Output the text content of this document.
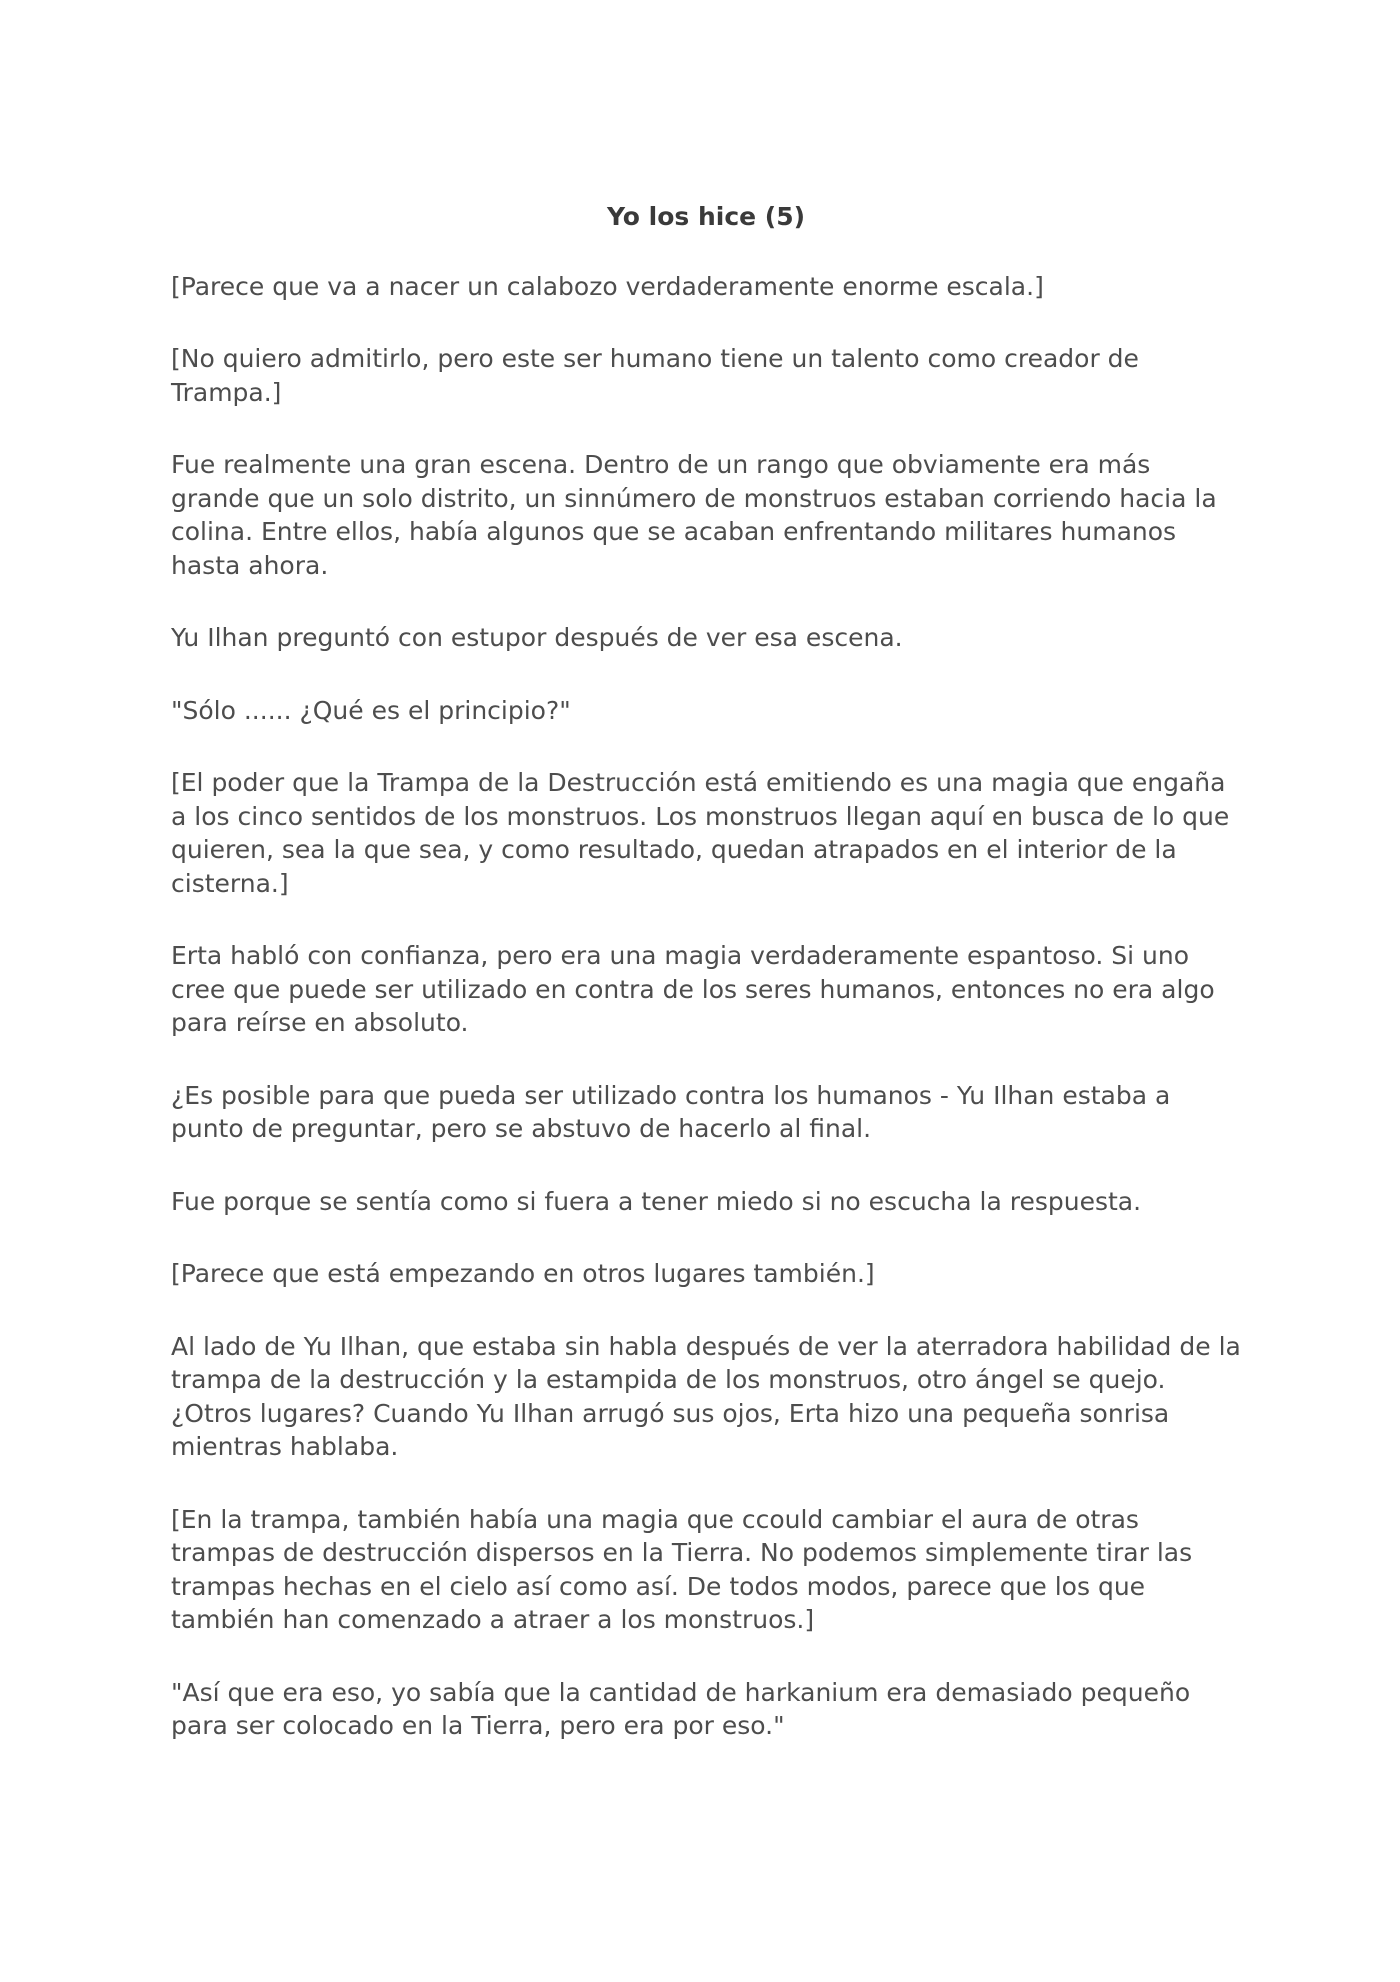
Yo los hice (5)

[Parece que va a nacer un calabozo verdaderamente enorme escala.]

[No quiero admitirlo, pero este ser humano tiene un talento como creador de Trampa.]

Fue realmente una gran escena. Dentro de un rango que obviamente era más grande que un solo distrito, un sinnúmero de monstruos estaban corriendo hacia la colina. Entre ellos, había algunos que se acaban enfrentando militares humanos hasta ahora.

Yu Ilhan preguntó con estupor después de ver esa escena.

"Sólo ...... ¿Qué es el principio?"

[El poder que la Trampa de la Destrucción está emitiendo es una magia que engaña a los cinco sentidos de los monstruos. Los monstruos llegan aquí en busca de lo que quieren, sea la que sea, y como resultado, quedan atrapados en el interior de la cisterna.]

Erta habló con confianza, pero era una magia verdaderamente espantoso. Si uno cree que puede ser utilizado en contra de los seres humanos, entonces no era algo para reírse en absoluto.

¿Es posible para que pueda ser utilizado contra los humanos - Yu Ilhan estaba a punto de preguntar, pero se abstuvo de hacerlo al final.

Fue porque se sentía como si fuera a tener miedo si no escucha la respuesta.

[Parece que está empezando en otros lugares también.]

Al lado de Yu Ilhan, que estaba sin habla después de ver la aterradora habilidad de la trampa de la destrucción y la estampida de los monstruos, otro ángel se quejo. ¿Otros lugares? Cuando Yu Ilhan arrugó sus ojos, Erta hizo una pequeña sonrisa mientras hablaba.

[En la trampa, también había una magia que ccould cambiar el aura de otras trampas de destrucción dispersos en la Tierra. No podemos simplemente tirar las trampas hechas en el cielo así como así. De todos modos, parece que los que también han comenzado a atraer a los monstruos.]

"Así que era eso, yo sabía que la cantidad de harkanium era demasiado pequeño para ser colocado en la Tierra, pero era por eso."
